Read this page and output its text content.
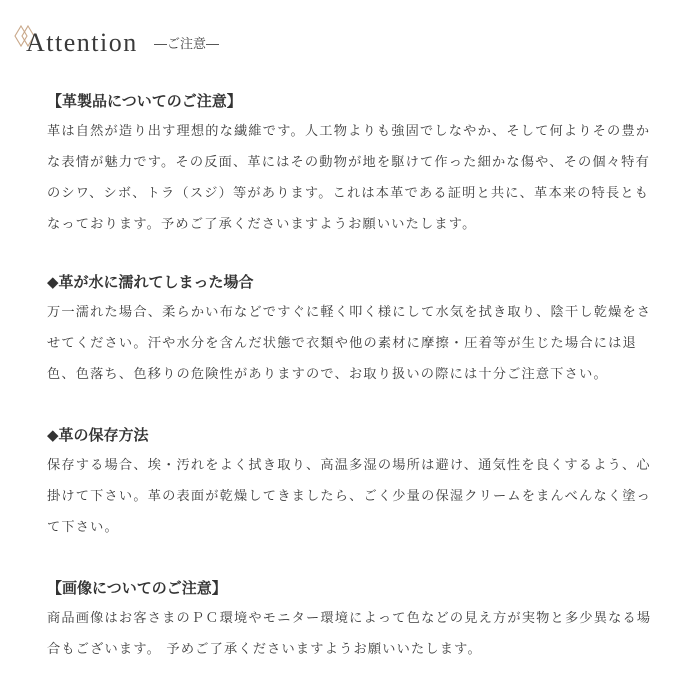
Attention ―ご注意―
【革製品についてのご注意】
革は自然が造り出す理想的な繊維です。人工物よりも強固でしなやか、そして何よりその豊かな表情が魅力です。その反面、革にはその動物が地を駆けて作った細かな傷や、その個々特有のシワ、シボ、トラ（スジ）等があります。これは本革である証明と共に、革本来の特長ともなっております。予めご了承くださいますようお願いいたします。
◆革が水に濡れてしまった場合
万一濡れた場合、柔らかい布などですぐに軽く叩く様にして水気を拭き取り、陰干し乾燥をさせてください。汗や水分を含んだ状態で衣類や他の素材に摩擦・圧着等が生じた場合には退色、色落ち、色移りの危険性がありますので、お取り扱いの際には十分ご注意下さい。
◆革の保存方法
保存する場合、埃・汚れをよく拭き取り、高温多湿の場所は避け、通気性を良くするよう、心掛けて下さい。革の表面が乾燥してきましたら、ごく少量の保湿クリームをまんべんなく塗って下さい。
【画像についてのご注意】
商品画像はお客さまのＰＣ環境やモニター環境によって色などの見え方が実物と多少異なる場合もございます。 予めご了承くださいますようお願いいたします。
